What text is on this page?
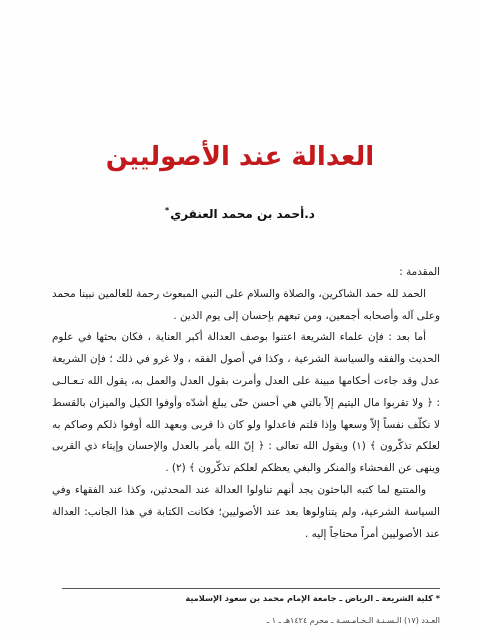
العدالة عند الأصوليين
د.أحمد بن محمد العنقري*

المقدمة :

الحمد لله حمد الشاكرين، والصلاة والسلام على النبي المبعوث رحمة للعالمين نبينا محمد وعلى آله وأصحابه أجمعين، ومن تبعهم بإحسان إلى يوم الدين .

أما بعد : فإن علماء الشريعة اعتنوا بوصف العدالة أكبر العناية ، فكان بحثها في علوم الحديث والفقه والسياسة الشرعية ، وكذا في أصول الفقه ، ولا غرو في ذلك ؛ فإن الشريعة عدل وقد جاءت أحكامها مبينة على العدل وأمرت بقول العدل والعمل به، يقول الله تـعـالـى : ﴿ ولا تقربوا مال اليتيم إلاّ بالتي هي أحسن حتّى يبلغ أشدّه وأوفوا الكيل والميزان بالقسط لا نكلّف نفساً إلاّ وسعها وإذا قلتم فاعدلوا ولو كان ذا قربى وبعهد الله أوفوا ذلكم وصاكم به لعلكم تذكّرون ﴾ (١) ويقول الله تعالى : ﴿ إنّ الله يأمر بالعدل والإحسان وإيتاء ذي القربى وينهى عن الفحشاء والمنكر والبغي يعظكم لعلكم تذكّرون ﴾ (٢) .

والمتتبع لما كتبه الباحثون يجد أنهم تناولوا العدالة عند المحدثين، وكذا عند الفقهاء وفي السياسة الشرعية، ولم يتناولوها بعد عند الأصوليين؛ فكانت الكتابة في هذا الجانب: العدالة عند الأصوليين أمراً محتاجاً إليه .

* كلية الشريعة ـ الرياض ـ جامعة الإمام محمد بن سعود الإسلامية
العـدد (١٧) الـسـنـة الـخـامـسـة ـ محرم ١٤٢٤هـ ـ ١ ـ
